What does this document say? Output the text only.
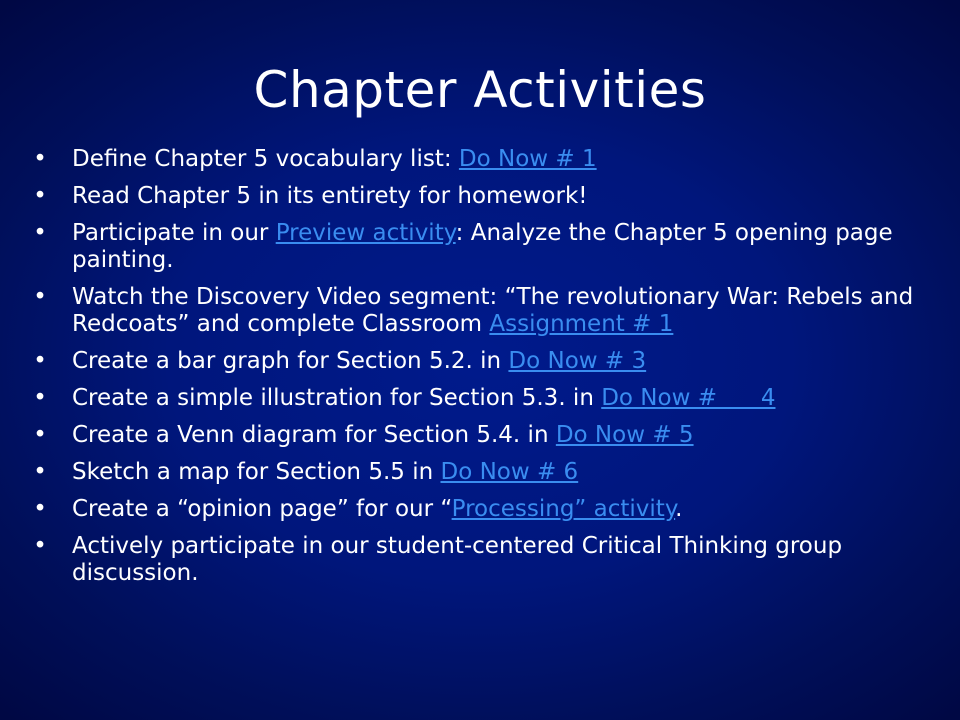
Chapter Activities
• Define Chapter 5 vocabulary list: Do Now # 1
• Read Chapter 5 in its entirety for homework!
• Participate in our Preview activity: Analyze the Chapter 5 opening page painting.
• Watch the Discovery Video segment: “The revolutionary War: Rebels and Redcoats” and complete Classroom Assignment # 1
• Create a bar graph for Section 5.2. in Do Now # 3
• Create a simple illustration for Section 5.3. in Do Now #      4
• Create a Venn diagram for Section 5.4. in Do Now # 5
• Sketch a map for Section 5.5 in Do Now # 6
• Create a “opinion page” for our “Processing” activity.
• Actively participate in our student-centered Critical Thinking group discussion.
